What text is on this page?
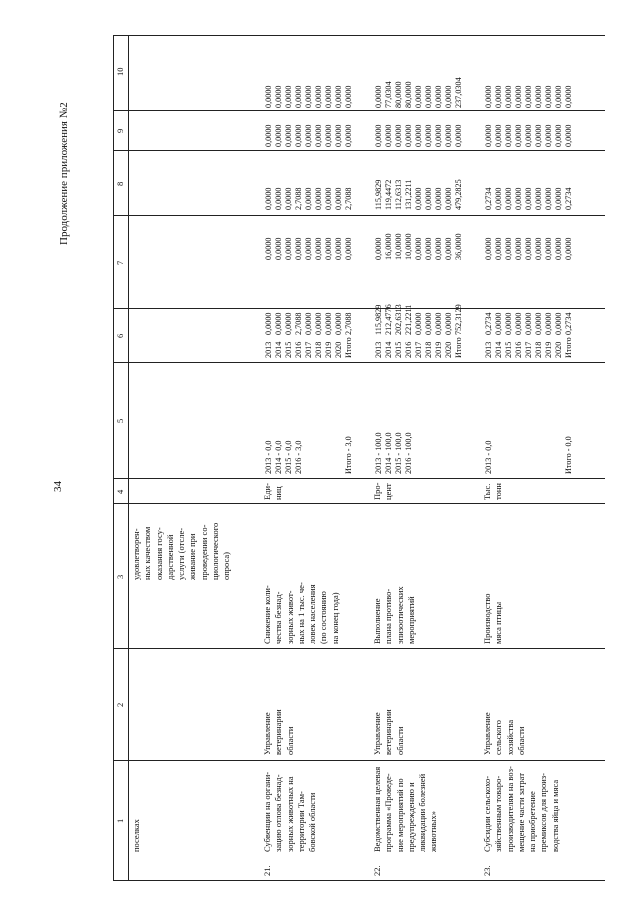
34
Продолжение приложения №2
1
2
3
4
5
6
7
8
9
10
поселках
удовлетворен- ных качеством оказания госу- дарственной услуги (отсле- живание при проведении со- циологического опроса)
21.
Субвенции на органи- зацию отлова безнад- зорных животных на территории Там- бовской области
Управление ветеринарии области
Снижение коли- чества безнад- зорных живот- ных на 1 тыс. че- ловек населения (по состоянию на конец года)
Еди- ниц
2013 - 0,0 2014 - 0,0 2015 - 0,0 2016 - 3,0	Итого - 3,0
2013 2014 2015 2016 2017 2018 2019 2020 Итого
0,0000 0,0000 0,0000 2,7088 0,0000 0,0000 0,0000 0,0000 2,7088
0,0000 0,0000 0,0000 0,0000 0,0000 0,0000 0,0000 0,0000 0,0000
0,0000 0,0000 0,0000 2,7088 0,0000 0,0000 0,0000 0,0000 2,7088
0,0000 0,0000 0,0000 0,0000 0,0000 0,0000 0,0000 0,0000 0,0000
0,0000 0,0000 0,0000 0,0000 0,0000 0,0000 0,0000 0,0000 0,0000
22.
Ведомственная целевая программа «Проведе- ние мероприятий по предупреждению и ликвидации болезней животных»
Управление ветеринарии области
Выполнение плана противо- эпизоотических мероприятий
Про- цент
2013 - 100,0 2014 - 100,0 2015 - 100,0 2016 - 100,0
2013 2014 2015 2016 2017 2018 2019 2020 Итого
115,9829 212,4776 202,6313 221,2211 0,0000 0,0000 0,0000 0,0000 752,3129
0,0000 16,0000 10,0000 10,0000 0,0000 0,0000 0,0000 0,0000 36,0000
115,9829 119,4472 112,6313 131,2211 0,0000 0,0000 0,0000 0,0000 479,2825
0,0000 0,0000 0,0000 0,0000 0,0000 0,0000 0,0000 0,0000 0,0000
0,0000 77,0304 80,0000 80,0000 0,0000 0,0000 0,0000 0,0000 237,0304
23.
Субсидии сельскохо- зяйственным товаро- производителям на воз- мещение части затрат на приобретение премиксов для произ- водства яйца и мяса
Управление сельского хозяйства области
Производство мяса птицы
Тыс. тонн
2013 - 0,0	Итого - 0,0
2013 2014 2015 2016 2017 2018 2019 2020 Итого
0,2734 0,0000 0,0000 0,0000 0,0000 0,0000 0,0000 0,0000 0,2734
0,0000 0,0000 0,0000 0,0000 0,0000 0,0000 0,0000 0,0000 0,0000
0,2734 0,0000 0,0000 0,0000 0,0000 0,0000 0,0000 0,0000 0,2734
0,0000 0,0000 0,0000 0,0000 0,0000 0,0000 0,0000 0,0000 0,0000
0,0000 0,0000 0,0000 0,0000 0,0000 0,0000 0,0000 0,0000 0,0000
